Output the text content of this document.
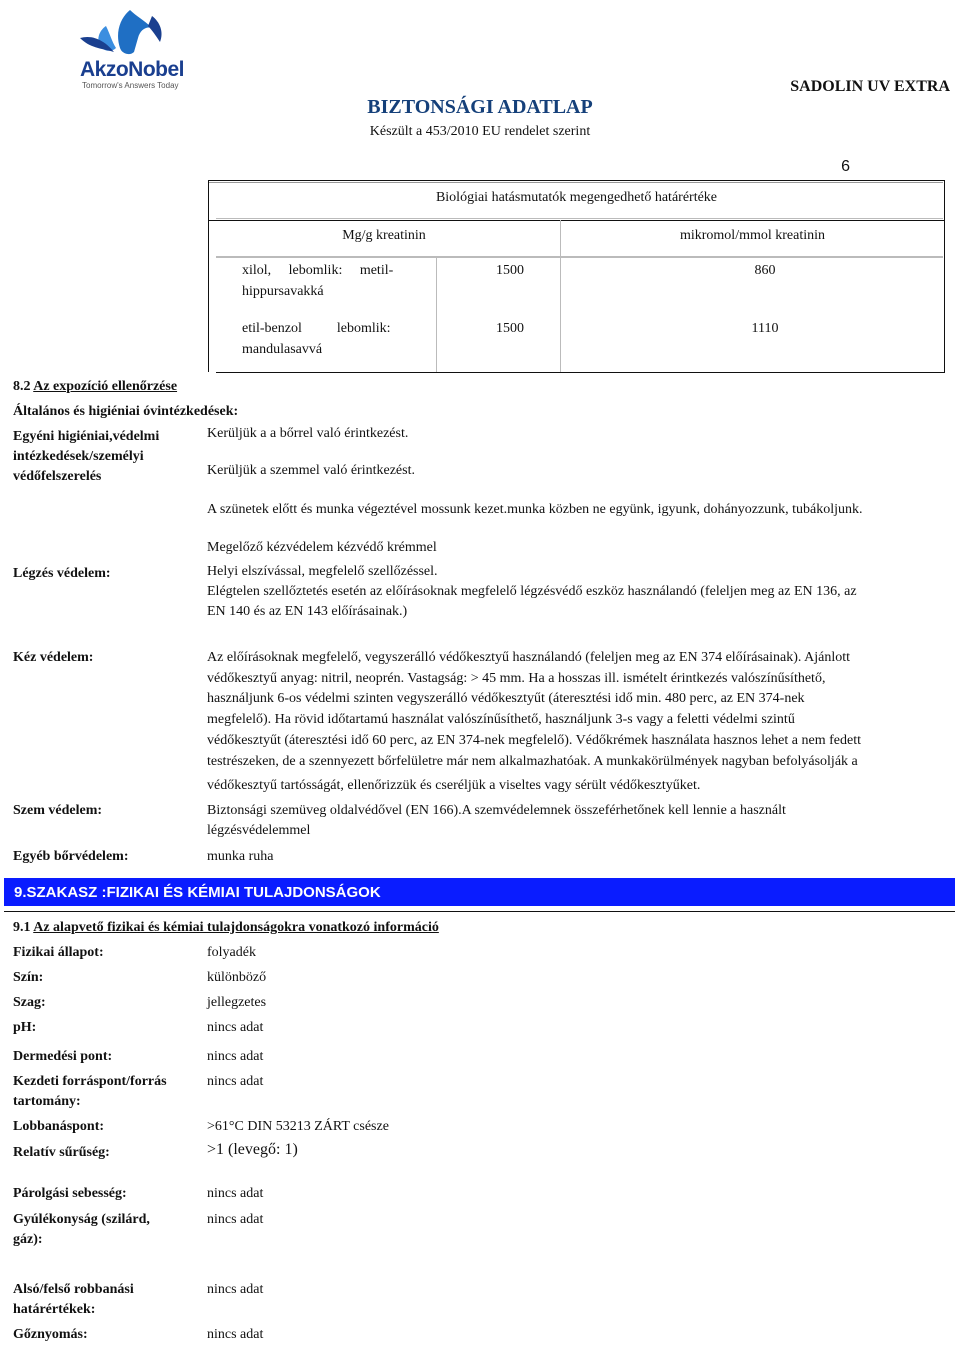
AkzoNobel
Tomorrow's Answers Today	SADOLIN UV EXTRA
BIZTONSÁGI ADATLAP
Készült a 453/2010 EU rendelet szerint
6
Biológiai hatásmutatók megengedhető határértéke
Mg/g kreatinin	mikromol/mmol kreatinin
xilol,     lebomlik:     metil-
hippursavakká
1500	860
etil-benzol          lebomlik:
mandulasavvá
1500	1110
8.2 Az expozíció ellenőrzése
Általános és higiéniai óvintézkedések:
Egyéni higiéniai,védelmi
intézkedések/személyi
védőfelszerelés
Kerüljük a a bőrrel való érintkezést.
Kerüljük a szemmel való érintkezést.
A szünetek előtt és munka végeztével mossunk kezet.munka közben ne együnk, igyunk, dohányozzunk, tubákoljunk.
Megelőző kézvédelem kézvédő krémmel
Légzés védelem:	Helyi elszívással, megfelelő szellőzéssel.
Elégtelen szellőztetés esetén az előírásoknak megfelelő légzésvédő eszköz használandó (feleljen meg az EN 136, az
EN 140 és az EN 143 előírásainak.)
Kéz védelem:	Az előírásoknak megfelelő, vegyszerálló védőkesztyű használandó (feleljen meg az EN 374 előírásainak). Ajánlott
védőkesztyű anyag: nitril, neoprén. Vastagság: > 45 mm. Ha a hosszas ill. ismételt érintkezés valószínűsíthető,
használjunk 6-os védelmi szinten vegyszerálló védőkesztyűt (áteresztési idő min. 480 perc, az EN 374-nek
megfelelő). Ha rövid időtartamú használat valószínűsíthető, használjunk 3-s vagy a feletti védelmi szintű
védőkesztyűt (áteresztési idő 60 perc, az EN 374-nek megfelelő). Védőkrémek használata hasznos lehet a nem fedett
testrészeken, de a szennyezett bőrfelületre már nem alkalmazhatóak. A munkakörülmények nagyban befolyásolják a
védőkesztyű tartósságát, ellenőrizzük és cseréljük a viseltes vagy sérült védőkesztyűket.
Szem védelem:	Biztonsági szemüveg oldalvédővel (EN 166).A szemvédelemnek összeférhetőnek kell lennie a használt
légzésvédelemmel
Egyéb bőrvédelem:	munka ruha
9.SZAKASZ :FIZIKAI ÉS KÉMIAI TULAJDONSÁGOK
9.1 Az alapvető fizikai és kémiai tulajdonságokra vonatkozó információ
Fizikai állapot:	folyadék
Szín:	különböző
Szag:	jellegzetes
pH:	nincs adat
Dermedési pont:	nincs adat
Kezdeti forráspont/forrás
tartomány:
nincs adat
Lobbanáspont:	>61°C DIN 53213 ZÁRT csésze
Relatív sűrűség:	>1 (levegő: 1)
Párolgási sebesség:	nincs adat
Gyúlékonyság (szilárd,
gáz):
nincs adat
Alsó/felső robbanási
határértékek:
nincs adat
Gőznyomás:	nincs adat
